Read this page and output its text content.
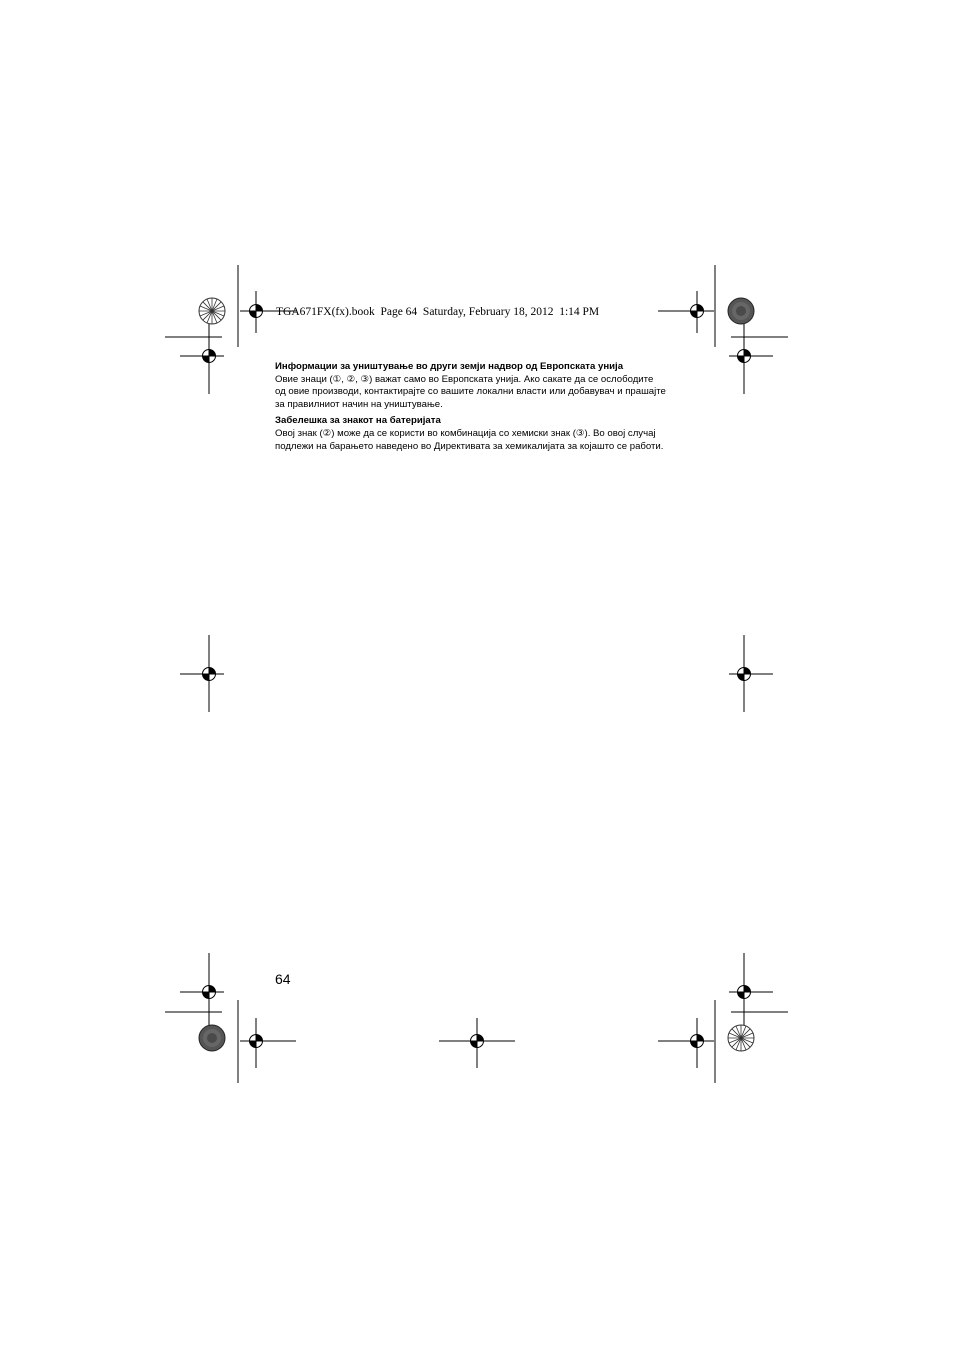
TGA671FX(fx).book  Page 64  Saturday, February 18, 2012  1:14 PM

Информации за уништување во други земји надвор од Европската унија

Овие знаци (①, ②, ③) важат само во Европската унија. Ако сакате да се ослободите

од овие производи, контактирајте со вашите локални власти или добавувач и прашајте

за правилниот начин на уништување.

Забелешка за знакот на батеријата

Овој знак (②) може да се користи во комбинација со хемиски знак (③). Во овој случај

подлежи на барањето наведено во Директивата за хемикалијата за којашто се работи.

64
